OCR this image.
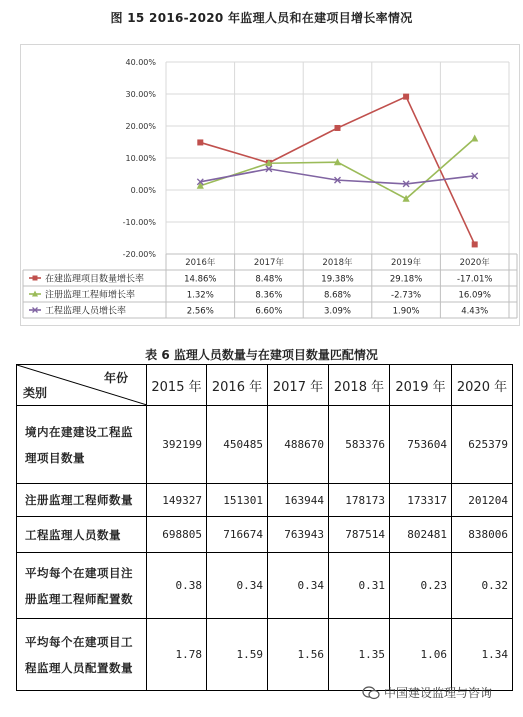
图 15 2016-2020 年监理人员和在建项目增长率情况
40.00%
30.00%
20.00%
10.00%
0.00%
-10.00%
-20.00%
2016年	2017年	2018年	2019年	2020年
在建监理项目数量增长率	14.86%	8.48%	19.38%	29.18%	-17.01%
注册监理工程师增长率	1.32%	8.36%	8.68%	-2.73%	16.09%
工程监理人员增长率	2.56%	6.60%	3.09%	1.90%	4.43%
表 6 监理人员数量与在建项目数量匹配情况
年份
类别	2015 年	2016 年	2017 年	2018 年	2019 年	2020 年

境内在建建设工程监
理项目数量	392199	450485	488670	583376	753604	625379

注册监理工程师数量	149327	151301	163944	178173	173317	201204

工程监理人员数量	698805	716674	763943	787514	802481	838006

平均每个在建项目注
册监理工程师配置数	0.38	0.34	0.34	0.31	0.23	0.32

平均每个在建项目工
程监理人员配置数量	1.78	1.59	1.56	1.35	1.06	1.34
中国建设监理与咨询
